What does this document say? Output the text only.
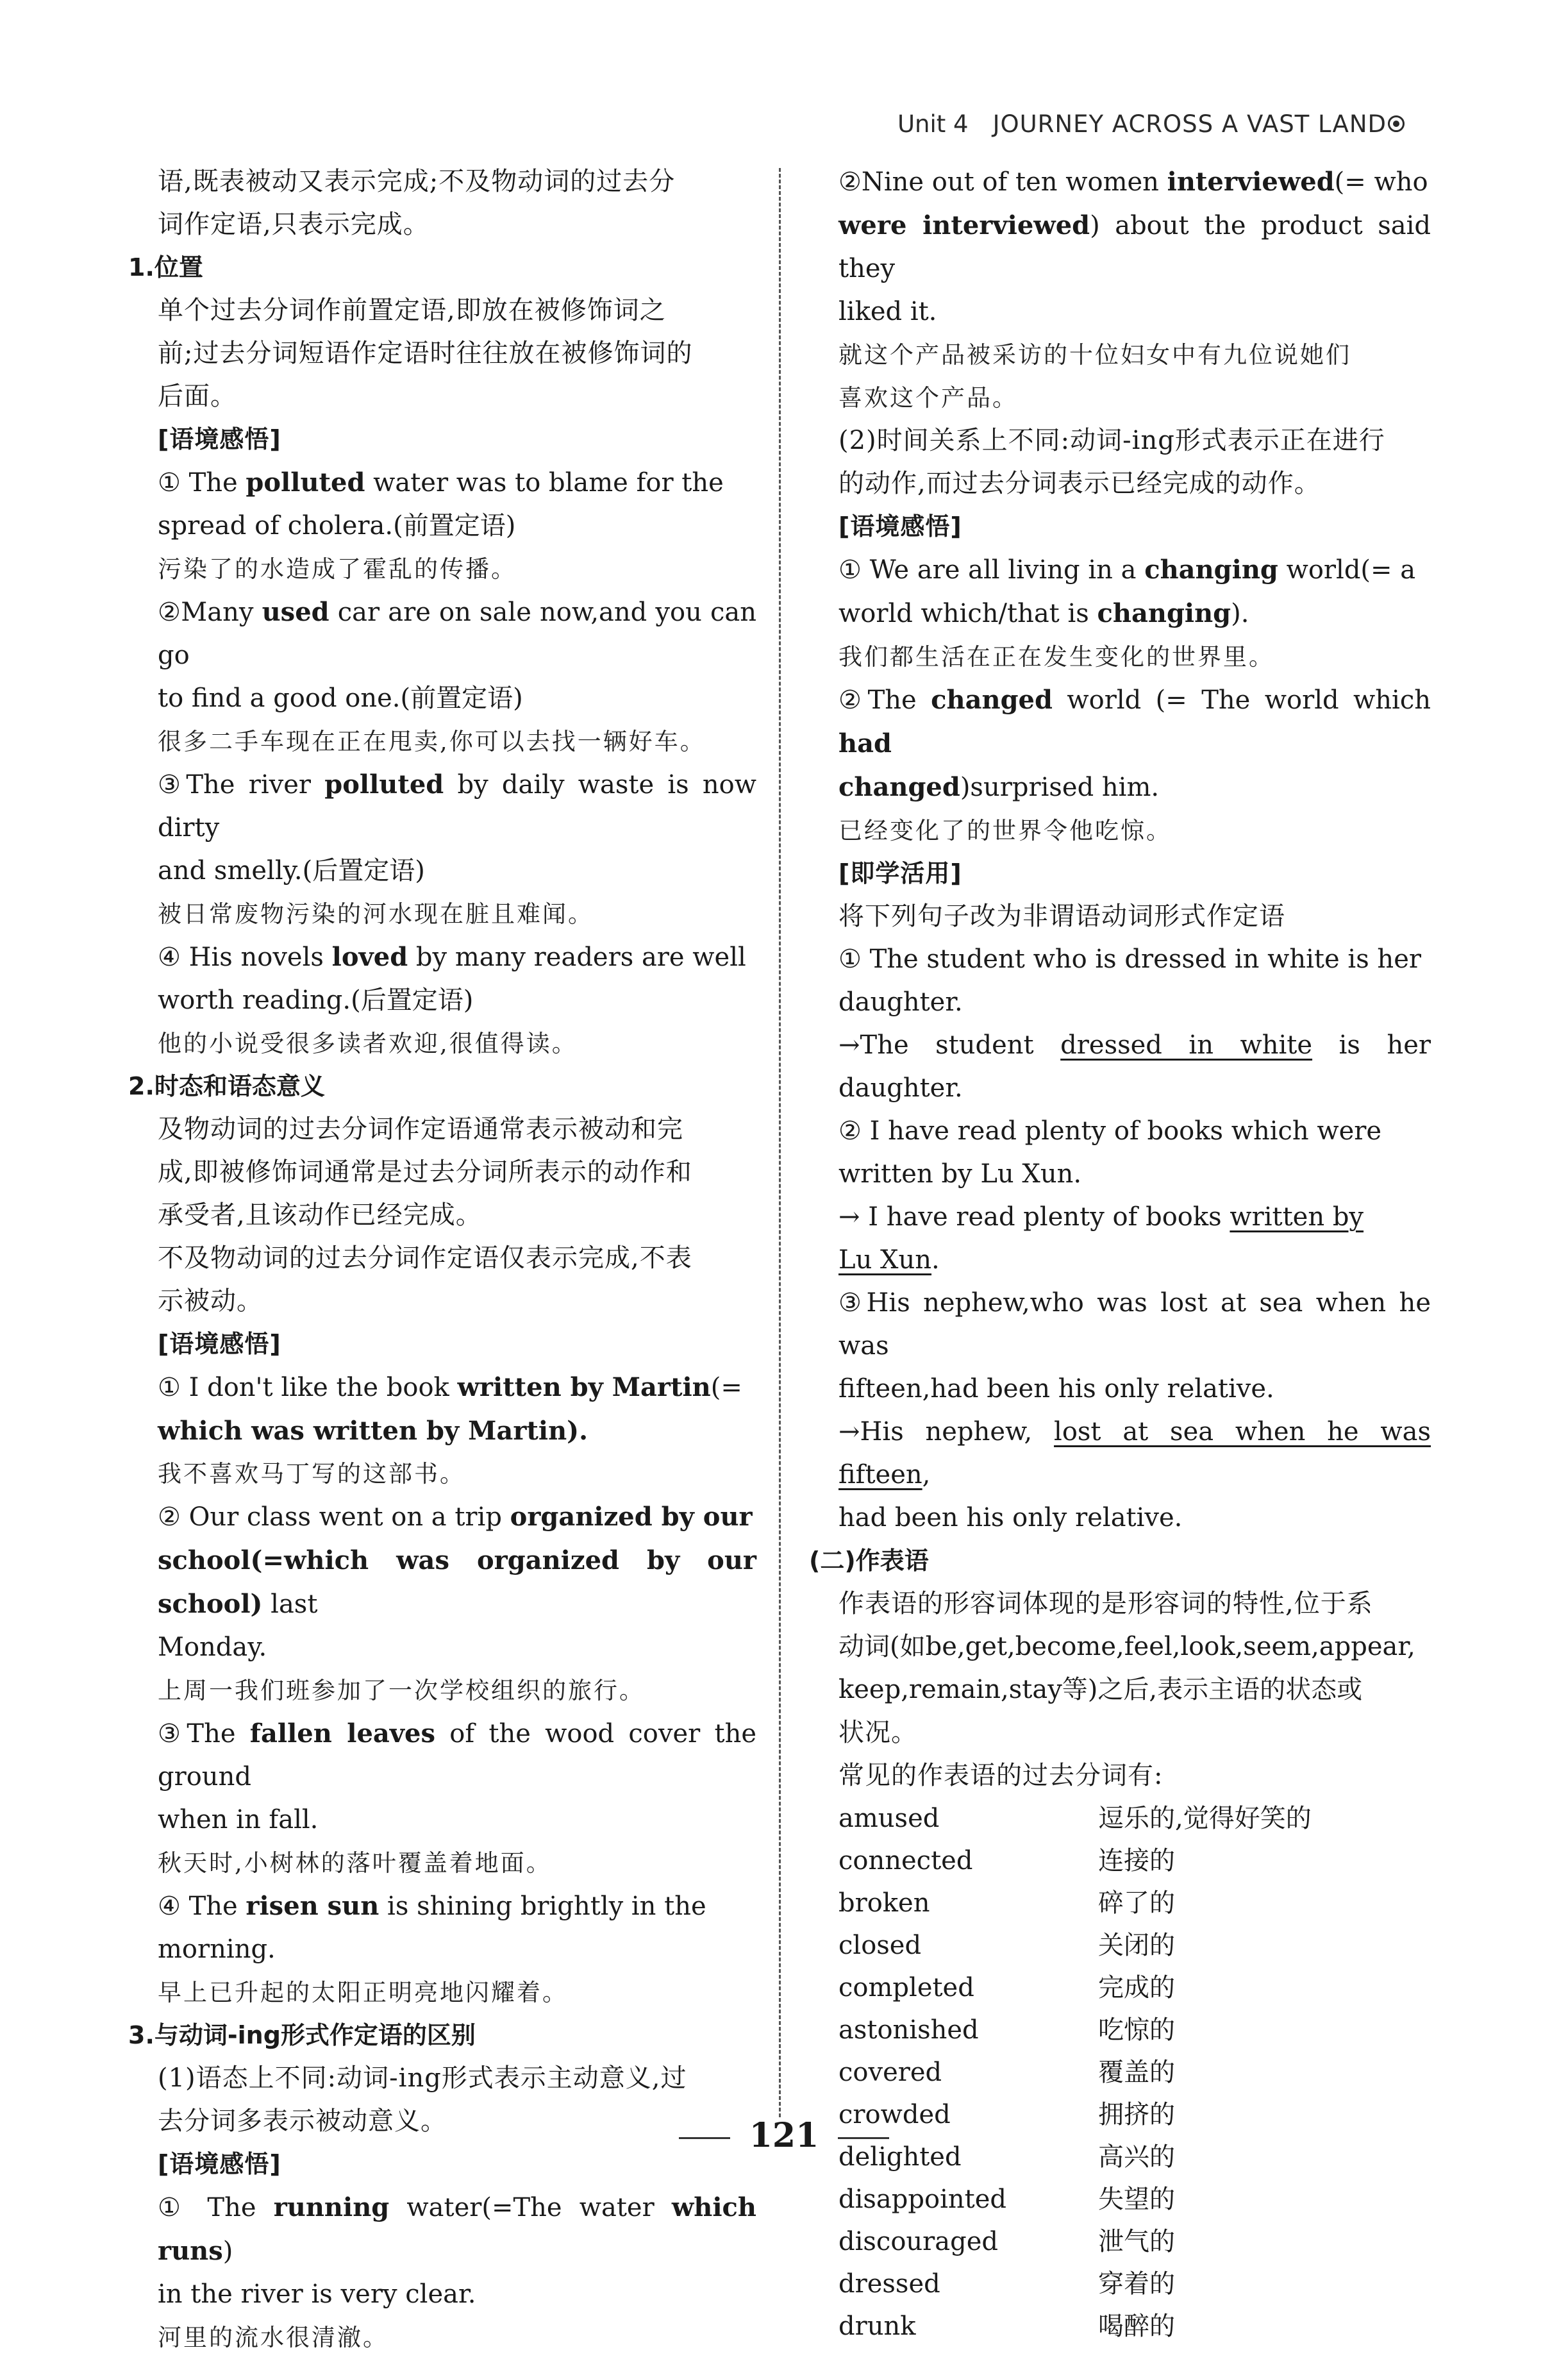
Unit 4 JOURNEY ACROSS A VAST LAND

语,既表被动又表示完成;不及物动词的过去分

词作定语,只表示完成。

1.位置

单个过去分词作前置定语,即放在被修饰词之

前;过去分词短语作定语时往往放在被修饰词的

后面。

[语境感悟]

① The polluted water was to blame for the

spread of cholera.(前置定语)

污染了的水造成了霍乱的传播。

②Many used car are on sale now,and you can go

to find a good one.(前置定语)

很多二手车现在正在甩卖,你可以去找一辆好车。

③The river polluted by daily waste is now dirty

and smelly.(后置定语)

被日常废物污染的河水现在脏且难闻。

④ His novels loved by many readers are well

worth reading.(后置定语)

他的小说受很多读者欢迎,很值得读。

2.时态和语态意义

及物动词的过去分词作定语通常表示被动和完

成,即被修饰词通常是过去分词所表示的动作和

承受者,且该动作已经完成。

不及物动词的过去分词作定语仅表示完成,不表

示被动。

[语境感悟]

① I don't like the book written by Martin(=

which was written by Martin).

我不喜欢马丁写的这部书。

② Our class went on a trip organized by our

school(=which was organized by our school) last

Monday.

上周一我们班参加了一次学校组织的旅行。

③The fallen leaves of the wood cover the ground

when in fall.

秋天时,小树林的落叶覆盖着地面。

④ The risen sun is shining brightly in the

morning.

早上已升起的太阳正明亮地闪耀着。

3.与动词-ing形式作定语的区别

(1)语态上不同:动词-ing形式表示主动意义,过

去分词多表示被动意义。

[语境感悟]

① The running water(=The water which runs)

in the river is very clear.

河里的流水很清澈。

②Nine out of ten women interviewed(= who

were interviewed) about the product said they

liked it.

就这个产品被采访的十位妇女中有九位说她们

喜欢这个产品。

(2)时间关系上不同:动词-ing形式表示正在进行

的动作,而过去分词表示已经完成的动作。

[语境感悟]

① We are all living in a changing world(= a

world which/that is changing).

我们都生活在正在发生变化的世界里。

②The changed world (= The world which had

changed)surprised him.

已经变化了的世界令他吃惊。

[即学活用]

将下列句子改为非谓语动词形式作定语

① The student who is dressed in white is her

daughter.

→The student dressed in white is her daughter.

② I have read plenty of books which were

written by Lu Xun.

→ I have read plenty of books written by

Lu Xun.

③His nephew,who was lost at sea when he was

fifteen,had been his only relative.

→His nephew, lost at sea when he was fifteen,

had been his only relative.

(二)作表语

作表语的形容词体现的是形容词的特性,位于系

动词(如be,get,become,feel,look,seem,appear,

keep,remain,stay等)之后,表示主语的状态或

状况。

常见的作表语的过去分词有:

amused	逗乐的,觉得好笑的
connected	连接的
broken	碎了的
closed	关闭的
completed	完成的
astonished	吃惊的
covered	覆盖的
crowded	拥挤的
delighted	高兴的
disappointed	失望的
discouraged	泄气的
dressed	穿着的
drunk	喝醉的
121
